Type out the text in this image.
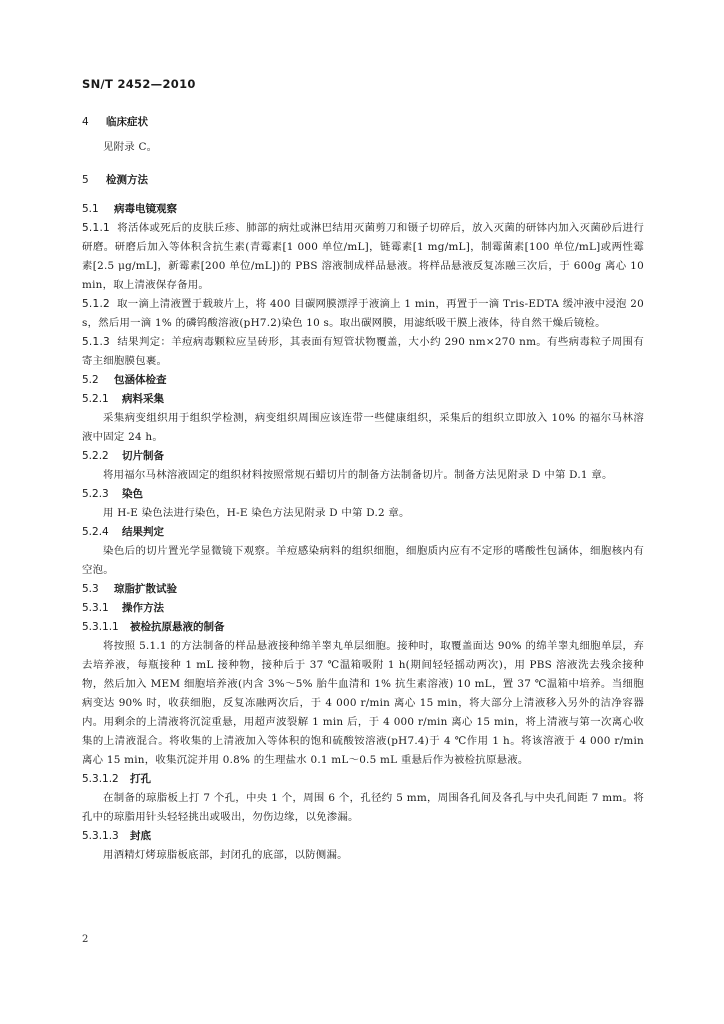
SN/T 2452—2010
4 临床症状
见附录 C。
5 检测方法
5.1 病毒电镜观察
5.1.1 将活体或死后的皮肤丘疹、肺部的病灶或淋巴结用灭菌剪刀和镊子切碎后，放入灭菌的研钵内加入灭菌砂后进行研磨。研磨后加入等体积含抗生素(青霉素[1 000 单位/mL]，链霉素[1 mg/mL]，制霉菌素[100 单位/mL]或两性霉素[2.5 μg/mL]，新霉素[200 单位/mL])的 PBS 溶液制成样品悬液。将样品悬液反复冻融三次后，于 600g 离心 10 min，取上清液保存备用。
5.1.2 取一滴上清液置于载玻片上，将 400 目碳网膜漂浮于液滴上 1 min，再置于一滴 Tris-EDTA 缓冲液中浸泡 20 s，然后用一滴 1% 的磷钨酸溶液(pH7.2)染色 10 s。取出碳网膜，用滤纸吸干膜上液体，待自然干燥后镜检。
5.1.3 结果判定：羊痘病毒颗粒应呈砖形，其表面有短管状物覆盖，大小约 290 nm×270 nm。有些病毒粒子周围有寄主细胞膜包裹。
5.2 包涵体检查
5.2.1 病料采集
采集病变组织用于组织学检测，病变组织周围应该连带一些健康组织，采集后的组织立即放入 10% 的福尔马林溶液中固定 24 h。
5.2.2 切片制备
将用福尔马林溶液固定的组织材料按照常规石蜡切片的制备方法制备切片。制备方法见附录 D 中第 D.1 章。
5.2.3 染色
用 H-E 染色法进行染色，H-E 染色方法见附录 D 中第 D.2 章。
5.2.4 结果判定
染色后的切片置光学显微镜下观察。羊痘感染病料的组织细胞，细胞质内应有不定形的嗜酸性包涵体，细胞核内有空泡。
5.3 琼脂扩散试验
5.3.1 操作方法
5.3.1.1 被检抗原悬液的制备
将按照 5.1.1 的方法制备的样品悬液接种绵羊睾丸单层细胞。接种时，取覆盖面达 90% 的绵羊睾丸细胞单层，弃去培养液，每瓶接种 1 mL 接种物，接种后于 37 ℃温箱吸附 1 h(期间轻轻摇动两次)，用 PBS 溶液洗去残余接种物，然后加入 MEM 细胞培养液(内含 3%～5% 胎牛血清和 1% 抗生素溶液) 10 mL，置 37 ℃温箱中培养。当细胞病变达 90% 时，收获细胞，反复冻融两次后，于 4 000 r/min 离心 15 min，将大部分上清液移入另外的洁净容器内。用剩余的上清液将沉淀重悬，用超声波裂解 1 min 后，于 4 000 r/min 离心 15 min，将上清液与第一次离心收集的上清液混合。将收集的上清液加入等体积的饱和硫酸铵溶液(pH7.4)于 4 ℃作用 1 h。将该溶液于 4 000 r/min 离心 15 min，收集沉淀并用 0.8% 的生理盐水 0.1 mL～0.5 mL 重悬后作为被检抗原悬液。
5.3.1.2 打孔
在制备的琼脂板上打 7 个孔，中央 1 个，周围 6 个，孔径约 5 mm，周围各孔间及各孔与中央孔间距 7 mm。将孔中的琼脂用针头轻轻挑出或吸出，勿伤边缘，以免渗漏。
5.3.1.3 封底
用酒精灯烤琼脂板底部，封闭孔的底部，以防侧漏。
2
